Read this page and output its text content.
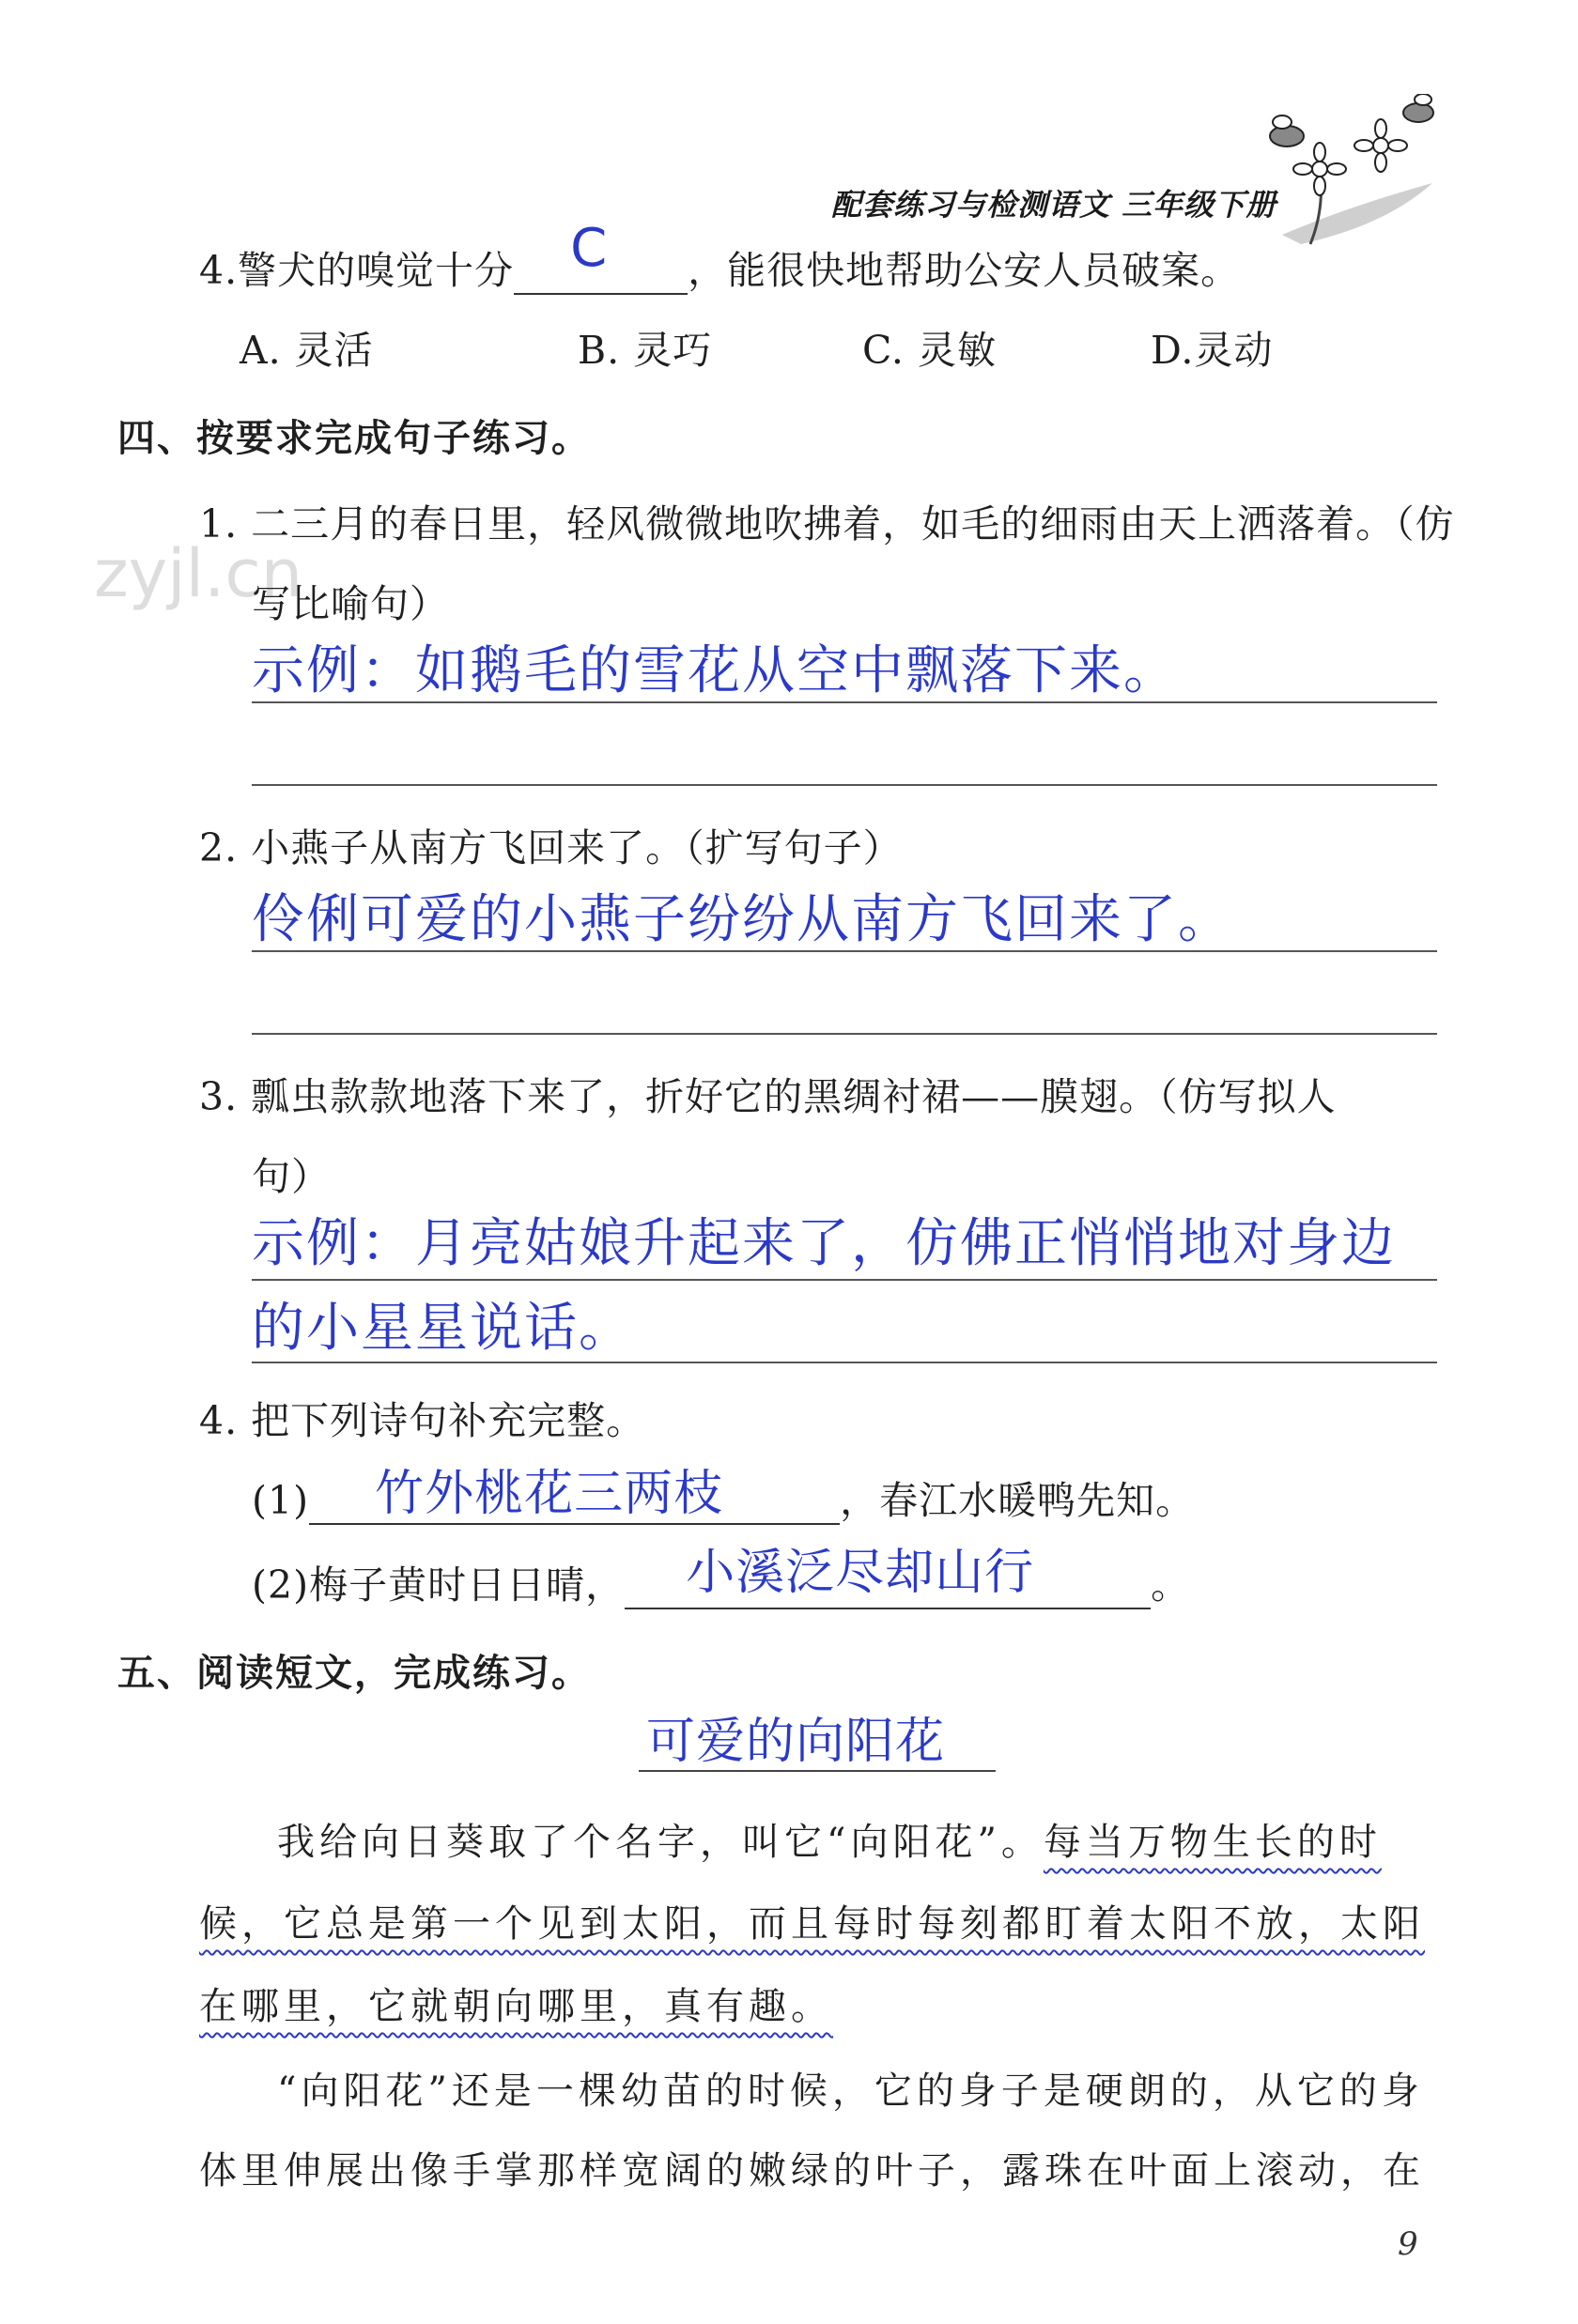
配套练习与检测语文 三年级下册
zyjl.cn
4.警犬的嗅觉十分 C ，能很快地帮助公安人员破案。
A. 灵活	B. 灵巧	C. 灵敏	D.灵动
四、按要求完成句子练习。
1. 二三月的春日里，轻风微微地吹拂着，如毛的细雨由天上洒落着。（仿
写比喻句）
示例：如鹅毛的雪花从空中飘落下来。
2. 小燕子从南方飞回来了。（扩写句子）
伶俐可爱的小燕子纷纷从南方飞回来了。
3. 瓢虫款款地落下来了，折好它的黑绸衬裙——膜翅。（仿写拟人
句）
示例：月亮姑娘升起来了，仿佛正悄悄地对身边
的小星星说话。
4. 把下列诗句补充完整。
(1) 竹外桃花三两枝	，春江水暖鸭先知。
(2)梅子黄时日日晴， 小溪泛尽却山行	。
五、阅读短文，完成练习。
可爱的向阳花
我给向日葵取了个名字，叫它“向阳花”。每当万物生长的时
候，它总是第一个见到太阳，而且每时每刻都盯着太阳不放，太阳
在哪里，它就朝向哪里，真有趣。
“向阳花”还是一棵幼苗的时候，它的身子是硬朗的，从它的身
体里伸展出像手掌那样宽阔的嫩绿的叶子，露珠在叶面上滚动，在
9
